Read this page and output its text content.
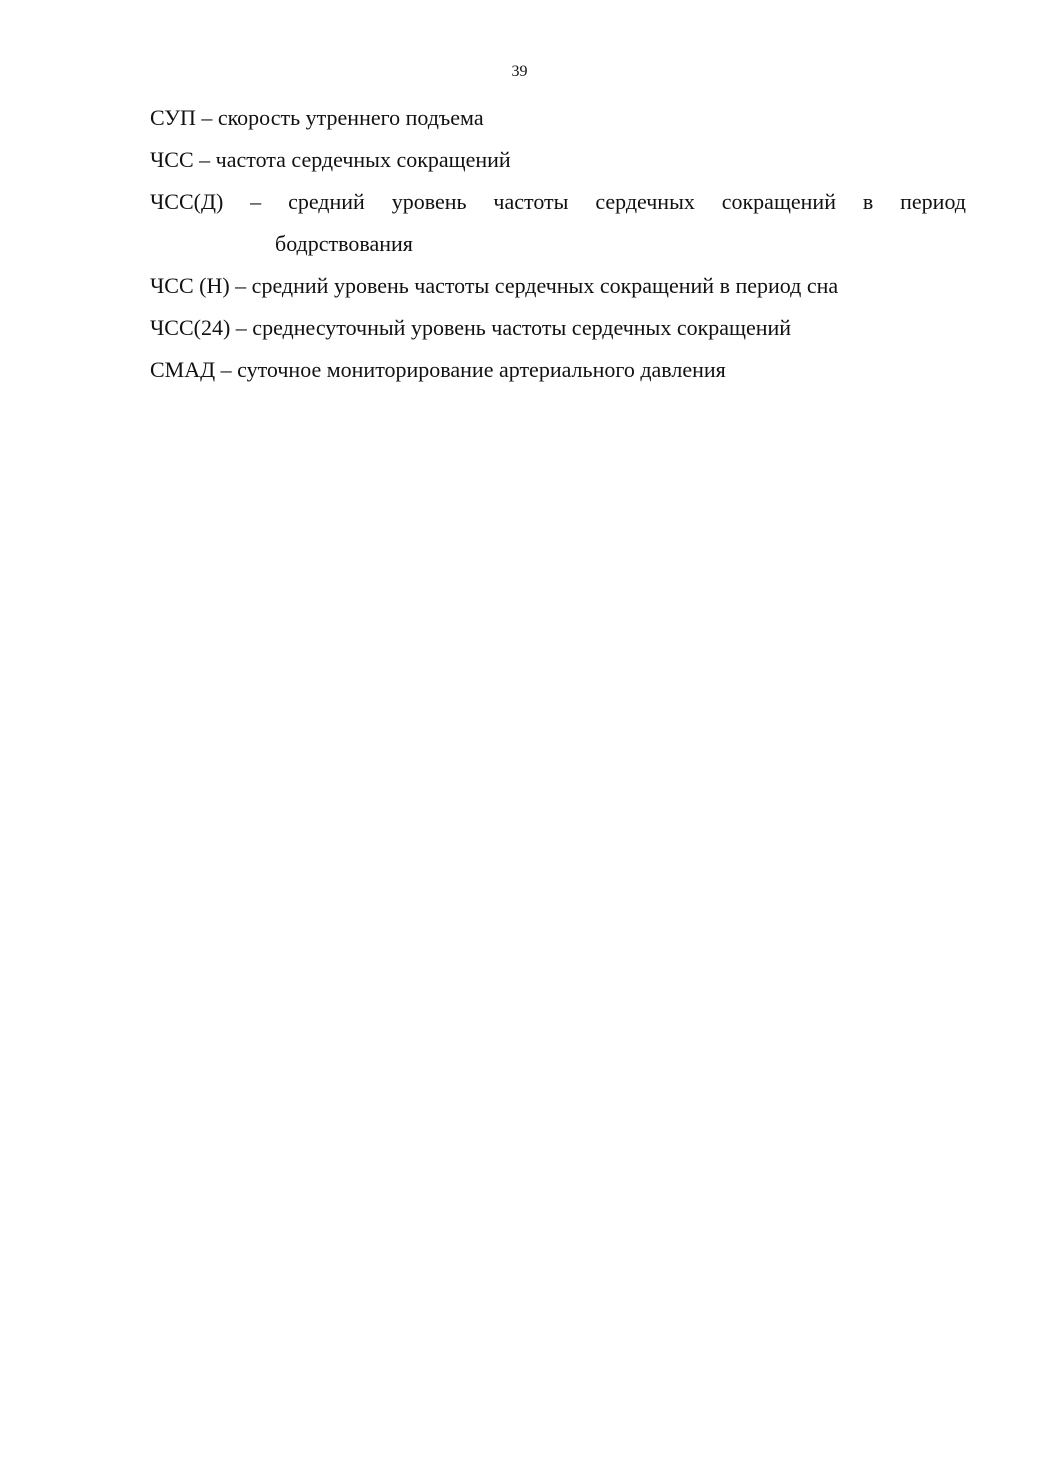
39
СУП – скорость утреннего подъема
ЧСС – частота сердечных сокращений
ЧСС(Д) – средний уровень частоты сердечных сокращений в период
бодрствования
ЧСС (Н) – средний уровень частоты сердечных сокращений в период сна
ЧСС(24) – среднесуточный уровень частоты сердечных сокращений
СМАД – суточное мониторирование артериального давления
